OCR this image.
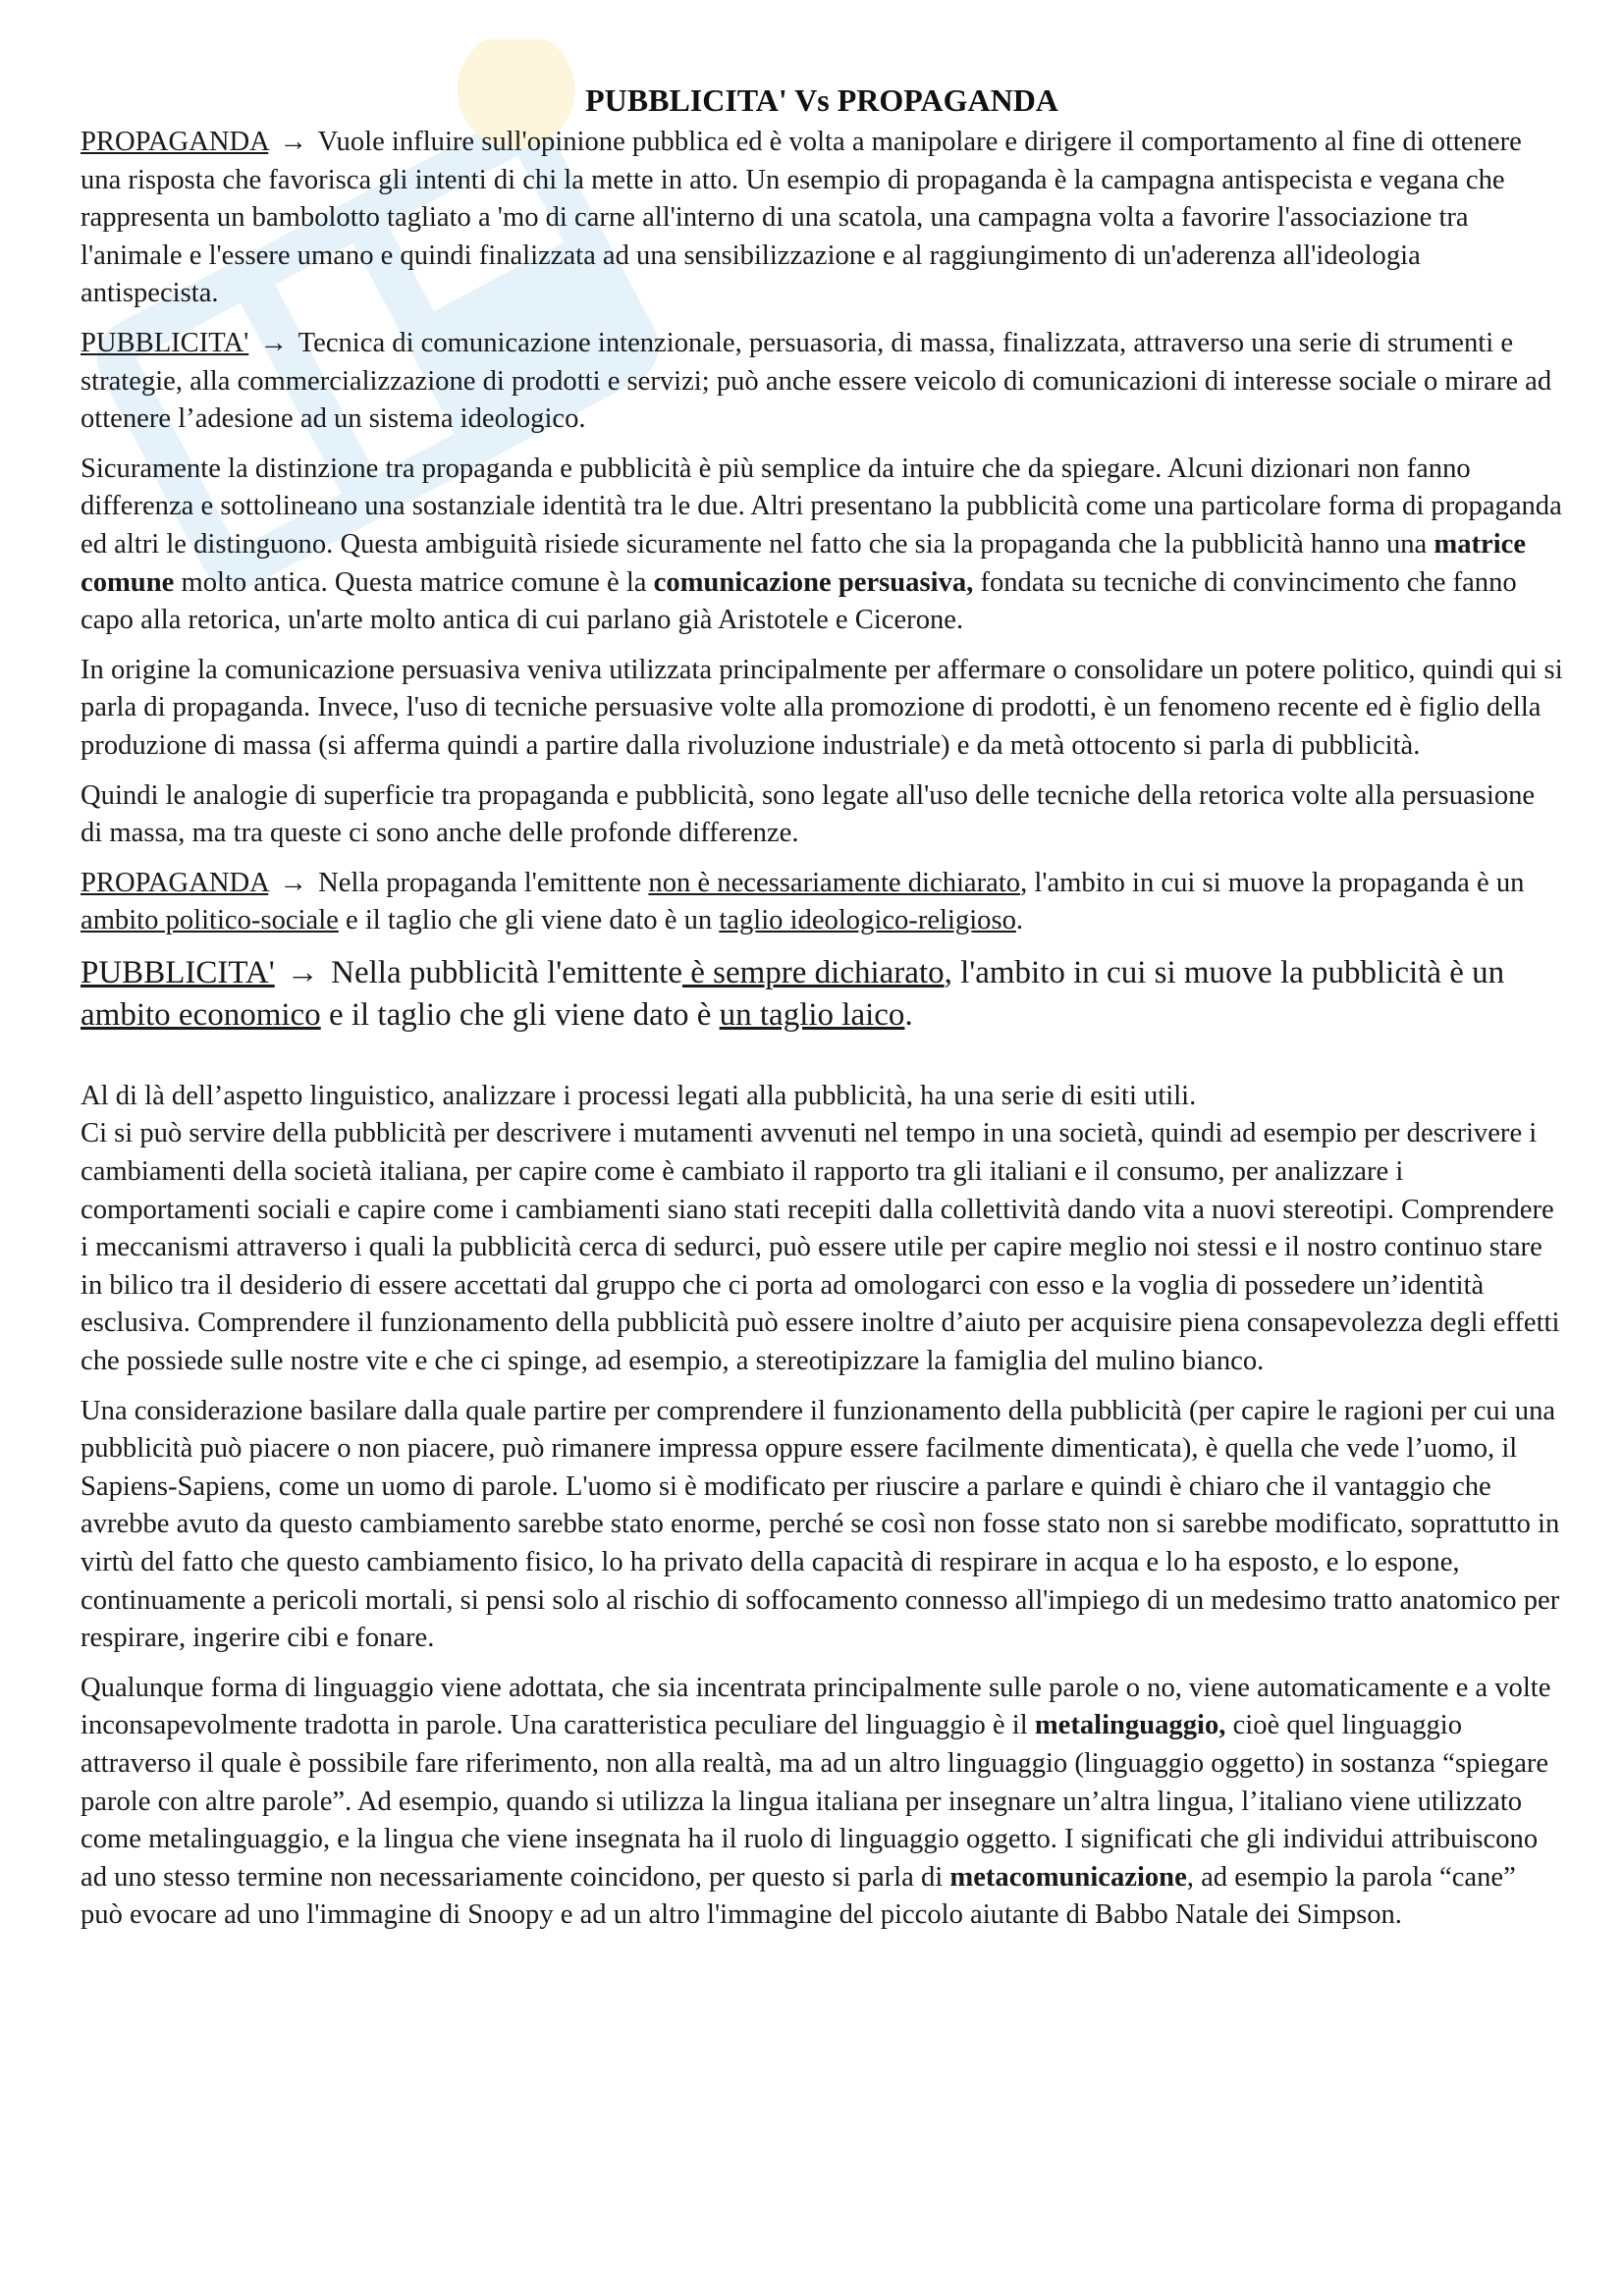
PUBBLICITA' Vs PROPAGANDA

PROPAGANDA → Vuole influire sull'opinione pubblica ed è volta a manipolare e dirigere il comportamento al fine di ottenere una risposta che favorisca gli intenti di chi la mette in atto. Un esempio di propaganda è la campagna antispecista e vegana che rappresenta un bambolotto tagliato a 'mo di carne all'interno di una scatola, una campagna volta a favorire l'associazione tra l'animale e l'essere umano e quindi finalizzata ad una sensibilizzazione e al raggiungimento di un'aderenza all'ideologia antispecista.

PUBBLICITA' → Tecnica di comunicazione intenzionale, persuasoria, di massa, finalizzata, attraverso una serie di strumenti e strategie, alla commercializzazione di prodotti e servizi; può anche essere veicolo di comunicazioni di interesse sociale o mirare ad ottenere l’adesione ad un sistema ideologico.

Sicuramente la distinzione tra propaganda e pubblicità è più semplice da intuire che da spiegare. Alcuni dizionari non fanno differenza e sottolineano una sostanziale identità tra le due. Altri presentano la pubblicità come una particolare forma di propaganda ed altri le distinguono. Questa ambiguità risiede sicuramente nel fatto che sia la propaganda che la pubblicità hanno una matrice comune molto antica. Questa matrice comune è la comunicazione persuasiva, fondata su tecniche di convincimento che fanno capo alla retorica, un'arte molto antica di cui parlano già Aristotele e Cicerone.

In origine la comunicazione persuasiva veniva utilizzata principalmente per affermare o consolidare un potere politico, quindi qui si parla di propaganda. Invece, l'uso di tecniche persuasive volte alla promozione di prodotti, è un fenomeno recente ed è figlio della produzione di massa (si afferma quindi a partire dalla rivoluzione industriale) e da metà ottocento si parla di pubblicità.

Quindi le analogie di superficie tra propaganda e pubblicità, sono legate all'uso delle tecniche della retorica volte alla persuasione di massa, ma tra queste ci sono anche delle profonde differenze.

PROPAGANDA → Nella propaganda l'emittente non è necessariamente dichiarato, l'ambito in cui si muove la propaganda è un ambito politico-sociale e il taglio che gli viene dato è un taglio ideologico-religioso.

PUBBLICITA' → Nella pubblicità l'emittente è sempre dichiarato, l'ambito in cui si muove la pubblicità è un ambito economico e il taglio che gli viene dato è un taglio laico.

Al di là dell’aspetto linguistico, analizzare i processi legati alla pubblicità, ha una serie di esiti utili.

Ci si può servire della pubblicità per descrivere i mutamenti avvenuti nel tempo in una società, quindi ad esempio per descrivere i cambiamenti della società italiana, per capire come è cambiato il rapporto tra gli italiani e il consumo, per analizzare i comportamenti sociali e capire come i cambiamenti siano stati recepiti dalla collettività dando vita a nuovi stereotipi. Comprendere i meccanismi attraverso i quali la pubblicità cerca di sedurci, può essere utile per capire meglio noi stessi e il nostro continuo stare in bilico tra il desiderio di essere accettati dal gruppo che ci porta ad omologarci con esso e la voglia di possedere un’identità esclusiva. Comprendere il funzionamento della pubblicità può essere inoltre d’aiuto per acquisire piena consapevolezza degli effetti che possiede sulle nostre vite e che ci spinge, ad esempio, a stereotipizzare la famiglia del mulino bianco.

Una considerazione basilare dalla quale partire per comprendere il funzionamento della pubblicità (per capire le ragioni per cui una pubblicità può piacere o non piacere, può rimanere impressa oppure essere facilmente dimenticata), è quella che vede l’uomo, il Sapiens-Sapiens, come un uomo di parole. L'uomo si è modificato per riuscire a parlare e quindi è chiaro che il vantaggio che avrebbe avuto da questo cambiamento sarebbe stato enorme, perché se così non fosse stato non si sarebbe modificato, soprattutto in virtù del fatto che questo cambiamento fisico, lo ha privato della capacità di respirare in acqua e lo ha esposto, e lo espone, continuamente a pericoli mortali, si pensi solo al rischio di soffocamento connesso all'impiego di un medesimo tratto anatomico per respirare, ingerire cibi e fonare.

Qualunque forma di linguaggio viene adottata, che sia incentrata principalmente sulle parole o no, viene automaticamente e a volte inconsapevolmente tradotta in parole. Una caratteristica peculiare del linguaggio è il metalinguaggio, cioè quel linguaggio attraverso il quale è possibile fare riferimento, non alla realtà, ma ad un altro linguaggio (linguaggio oggetto) in sostanza “spiegare parole con altre parole”. Ad esempio, quando si utilizza la lingua italiana per insegnare un’altra lingua, l’italiano viene utilizzato come metalinguaggio, e la lingua che viene insegnata ha il ruolo di linguaggio oggetto. I significati che gli individui attribuiscono ad uno stesso termine non necessariamente coincidono, per questo si parla di metacomunicazione, ad esempio la parola “cane” può evocare ad uno l'immagine di Snoopy e ad un altro l'immagine del piccolo aiutante di Babbo Natale dei Simpson.
